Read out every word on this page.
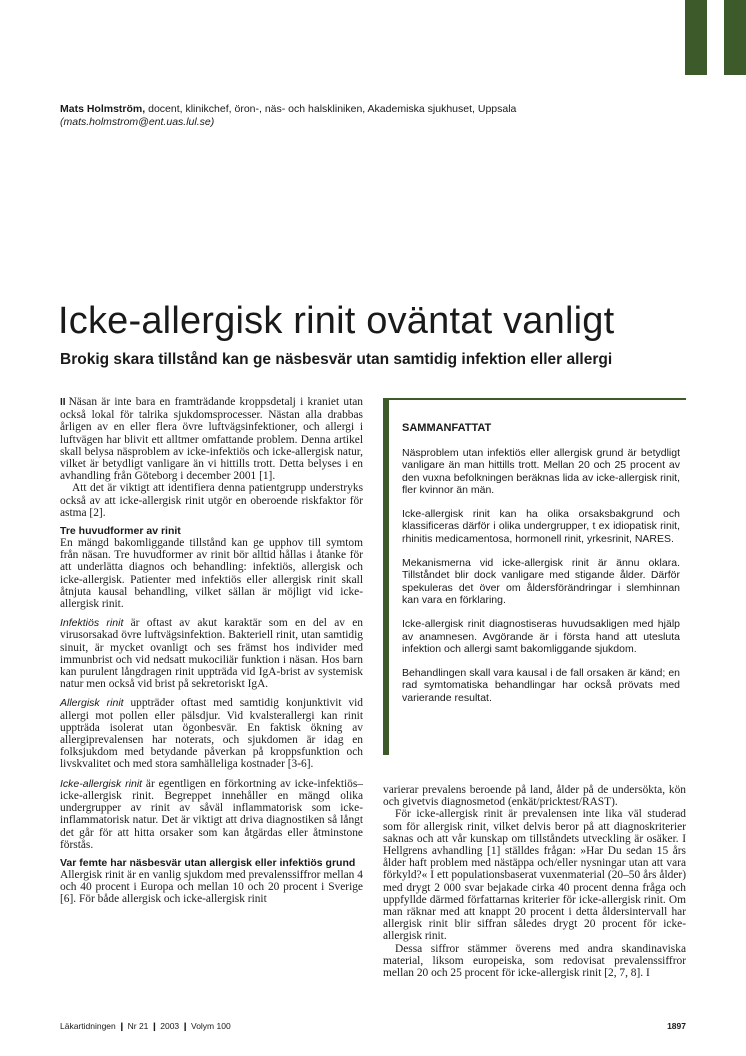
Mats Holmström, docent, klinikchef, öron-, näs- och halskliniken, Akademiska sjukhuset, Uppsala
(mats.holmstrom@ent.uas.lul.se)
Icke-allergisk rinit oväntat vanligt
Brokig skara tillstånd kan ge näsbesvär utan samtidig infektion eller allergi

II Näsan är inte bara en framträdande kroppsdetalj i kraniet utan också lokal för talrika sjukdomsprocesser. Nästan alla drabbas årligen av en eller flera övre luftvägsinfektioner, och allergi i luftvägen har blivit ett alltmer omfattande problem. Denna artikel skall belysa näsproblem av icke-infektiös och icke-allergisk natur, vilket är betydligt vanligare än vi hittills trott. Detta belyses i en avhandling från Göteborg i december 2001 [1].

Att det är viktigt att identifiera denna patientgrupp understryks också av att icke-allergisk rinit utgör en oberoende riskfaktor för astma [2].

Tre huvudformer av rinit

En mängd bakomliggande tillstånd kan ge upphov till symtom från näsan. Tre huvudformer av rinit bör alltid hållas i åtanke för att underlätta diagnos och behandling: infektiös, allergisk och icke-allergisk. Patienter med infektiös eller allergisk rinit skall åtnjuta kausal behandling, vilket sällan är möjligt vid icke-allergisk rinit.

Infektiös rinit är oftast av akut karaktär som en del av en virusorsakad övre luftvägsinfektion. Bakteriell rinit, utan samtidig sinuit, är mycket ovanligt och ses främst hos individer med immunbrist och vid nedsatt mukociliär funktion i näsan. Hos barn kan purulent långdragen rinit uppträda vid IgA-brist av systemisk natur men också vid brist på sekretoriskt IgA.

Allergisk rinit uppträder oftast med samtidig konjunktivit vid allergi mot pollen eller pälsdjur. Vid kvalsterallergi kan rinit uppträda isolerat utan ögonbesvär. En faktisk ökning av allergiprevalensen har noterats, och sjukdomen är idag en folksjukdom med betydande påverkan på kroppsfunktion och livskvalitet och med stora samhälleliga kostnader [3-6].

Icke-allergisk rinit är egentligen en förkortning av icke-infektiös–icke-allergisk rinit. Begreppet innehåller en mängd olika undergrupper av rinit av såväl inflammatorisk som icke-inflammatorisk natur. Det är viktigt att driva diagnostiken så långt det går för att hitta orsaker som kan åtgärdas eller åtminstone förstås.

Var femte har näsbesvär utan allergisk eller infektiös grund

Allergisk rinit är en vanlig sjukdom med prevalenssiffror mellan 4 och 40 procent i Europa och mellan 10 och 20 procent i Sverige [6]. För både allergisk och icke-allergisk rinit

SAMMANFATTAT

Näsproblem utan infektiös eller allergisk grund är betydligt vanligare än man hittills trott. Mellan 20 och 25 procent av den vuxna befolkningen beräknas lida av icke-allergisk rinit, fler kvinnor än män.

Icke-allergisk rinit kan ha olika orsaksbakgrund och klassificeras därför i olika undergrupper, t ex idiopatisk rinit, rhinitis medicamentosa, hormonell rinit, yrkesrinit, NARES.

Mekanismerna vid icke-allergisk rinit är ännu oklara. Tillståndet blir dock vanligare med stigande ålder. Därför spekuleras det över om åldersförändringar i slemhinnan kan vara en förklaring.

Icke-allergisk rinit diagnostiseras huvudsakligen med hjälp av anamnesen. Avgörande är i första hand att utesluta infektion och allergi samt bakomliggande sjukdom.

Behandlingen skall vara kausal i de fall orsaken är känd; en rad symtomatiska behandlingar har också prövats med varierande resultat.

varierar prevalens beroende på land, ålder på de undersökta, kön och givetvis diagnosmetod (enkät/pricktest/RAST).

För icke-allergisk rinit är prevalensen inte lika väl studerad som för allergisk rinit, vilket delvis beror på att diagnoskriterier saknas och att vår kunskap om tillståndets utveckling är osäker. I Hellgrens avhandling [1] ställdes frågan: »Har Du sedan 15 års ålder haft problem med nästäppa och/eller nysningar utan att vara förkyld?« I ett populationsbaserat vuxenmaterial (20–50 års ålder) med drygt 2 000 svar bejakade cirka 40 procent denna fråga och uppfyllde därmed författarnas kriterier för icke-allergisk rinit. Om man räknar med att knappt 20 procent i detta åldersintervall har allergisk rinit blir siffran således drygt 20 procent för icke-allergisk rinit.

Dessa siffror stämmer överens med andra skandinaviska material, liksom europeiska, som redovisat prevalenssiffror mellan 20 och 25 procent för icke-allergisk rinit [2, 7, 8]. I

Läkartidningen ❙ Nr 21 ❙ 2003 ❙ Volym 100	1897
